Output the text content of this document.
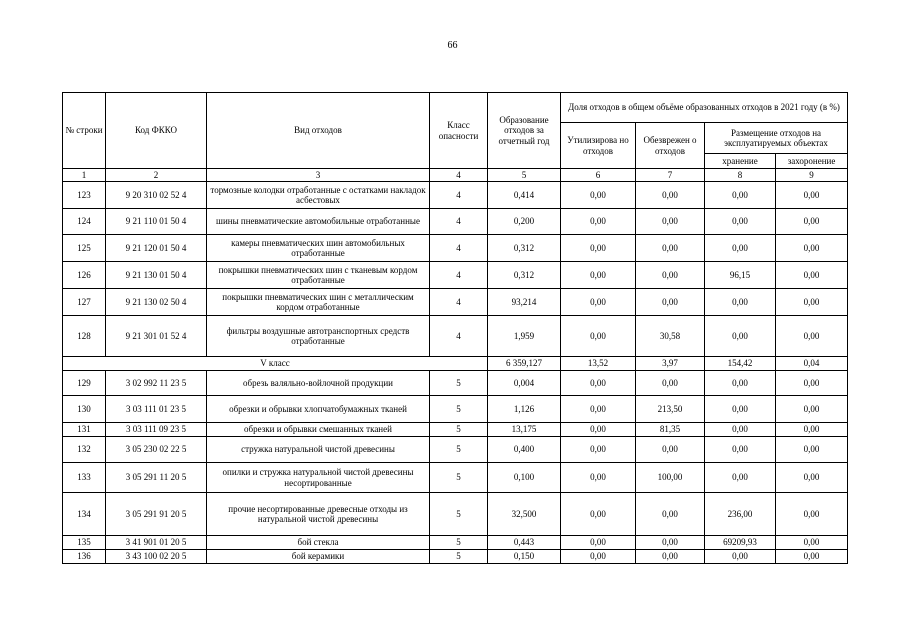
66
№ строки	Код ФККО	Вид отходов	Класс опасности	Образование отходов за отчетный год	Доля отходов в общем объёме образованных отходов в 2021 году (в %)			
					Утилизирова но отходов	Обезврежен о отходов	Размещение отходов на эксплуатируемых объектах	
							хранение	захоронение
1	2	3	4	5	6	7	8	9
123	9 20 310 02 52 4	тормозные колодки отработанные с остатками накладок асбестовых	4	0,414	0,00	0,00	0,00	0,00
124	9 21 110 01 50 4	шины пневматические автомобильные отработанные	4	0,200	0,00	0,00	0,00	0,00
125	9 21 120 01 50 4	камеры пневматических шин автомобильных отработанные	4	0,312	0,00	0,00	0,00	0,00
126	9 21 130 01 50 4	покрышки пневматических шин с тканевым кордом отработанные	4	0,312	0,00	0,00	96,15	0,00
127	9 21 130 02 50 4	покрышки пневматических шин с металлическим кордом отработанные	4	93,214	0,00	0,00	0,00	0,00
128	9 21 301 01 52 4	фильтры воздушные автотранспортных средств отработанные	4	1,959	0,00	30,58	0,00	0,00
V класс				6 359,127	13,52	3,97	154,42	0,04
129	3 02 992 11 23 5	обрезь валяльно-войлочной продукции	5	0,004	0,00	0,00	0,00	0,00
130	3 03 111 01 23 5	обрезки и обрывки хлопчатобумажных тканей	5	1,126	0,00	213,50	0,00	0,00
131	3 03 111 09 23 5	обрезки и обрывки смешанных тканей	5	13,175	0,00	81,35	0,00	0,00
132	3 05 230 02 22 5	стружка натуральной чистой древесины	5	0,400	0,00	0,00	0,00	0,00
133	3 05 291 11 20 5	опилки и стружка натуральной чистой древесины несортированные	5	0,100	0,00	100,00	0,00	0,00
134	3 05 291 91 20 5	прочие несортированные древесные отходы из натуральной чистой древесины	5	32,500	0,00	0,00	236,00	0,00
135	3 41 901 01 20 5	бой стекла	5	0,443	0,00	0,00	69209,93	0,00
136	3 43 100 02 20 5	бой керамики	5	0,150	0,00	0,00	0,00	0,00
